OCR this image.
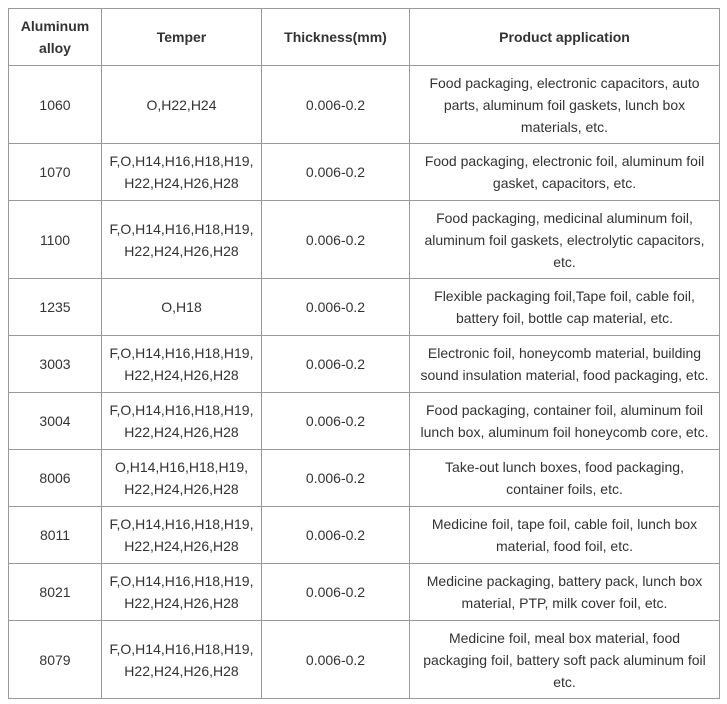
Aluminum alloy	Temper	Thickness(mm)	Product application
1060	O,H22,H24	0.006-0.2	Food packaging, electronic capacitors, auto
parts, aluminum foil gaskets, lunch box
materials, etc.

1070	F,O,H14,H16,H18,H19,
H22,H24,H26,H28	0.006-0.2	Food packaging, electronic foil, aluminum foil
gasket, capacitors, etc.

1100	F,O,H14,H16,H18,H19,
H22,H24,H26,H28	0.006-0.2	Food packaging, medicinal aluminum foil,
aluminum foil gaskets, electrolytic capacitors,
etc.

1235	O,H18	0.006-0.2	Flexible packaging foil,Tape foil, cable foil,
battery foil, bottle cap material, etc.

3003	F,O,H14,H16,H18,H19,
H22,H24,H26,H28	0.006-0.2	Electronic foil, honeycomb material, building
sound insulation material, food packaging, etc.

3004	F,O,H14,H16,H18,H19,
H22,H24,H26,H28	0.006-0.2	Food packaging, container foil, aluminum foil
lunch box, aluminum foil honeycomb core, etc.

8006	O,H14,H16,H18,H19,
H22,H24,H26,H28	0.006-0.2	Take-out lunch boxes, food packaging,
container foils, etc.

8011	F,O,H14,H16,H18,H19,
H22,H24,H26,H28	0.006-0.2	Medicine foil, tape foil, cable foil, lunch box
material, food foil, etc.

8021	F,O,H14,H16,H18,H19,
H22,H24,H26,H28	0.006-0.2	Medicine packaging, battery pack, lunch box
material, PTP, milk cover foil, etc.

8079	F,O,H14,H16,H18,H19,
H22,H24,H26,H28	0.006-0.2	Medicine foil, meal box material, food
packaging foil, battery soft pack aluminum foil
etc.
